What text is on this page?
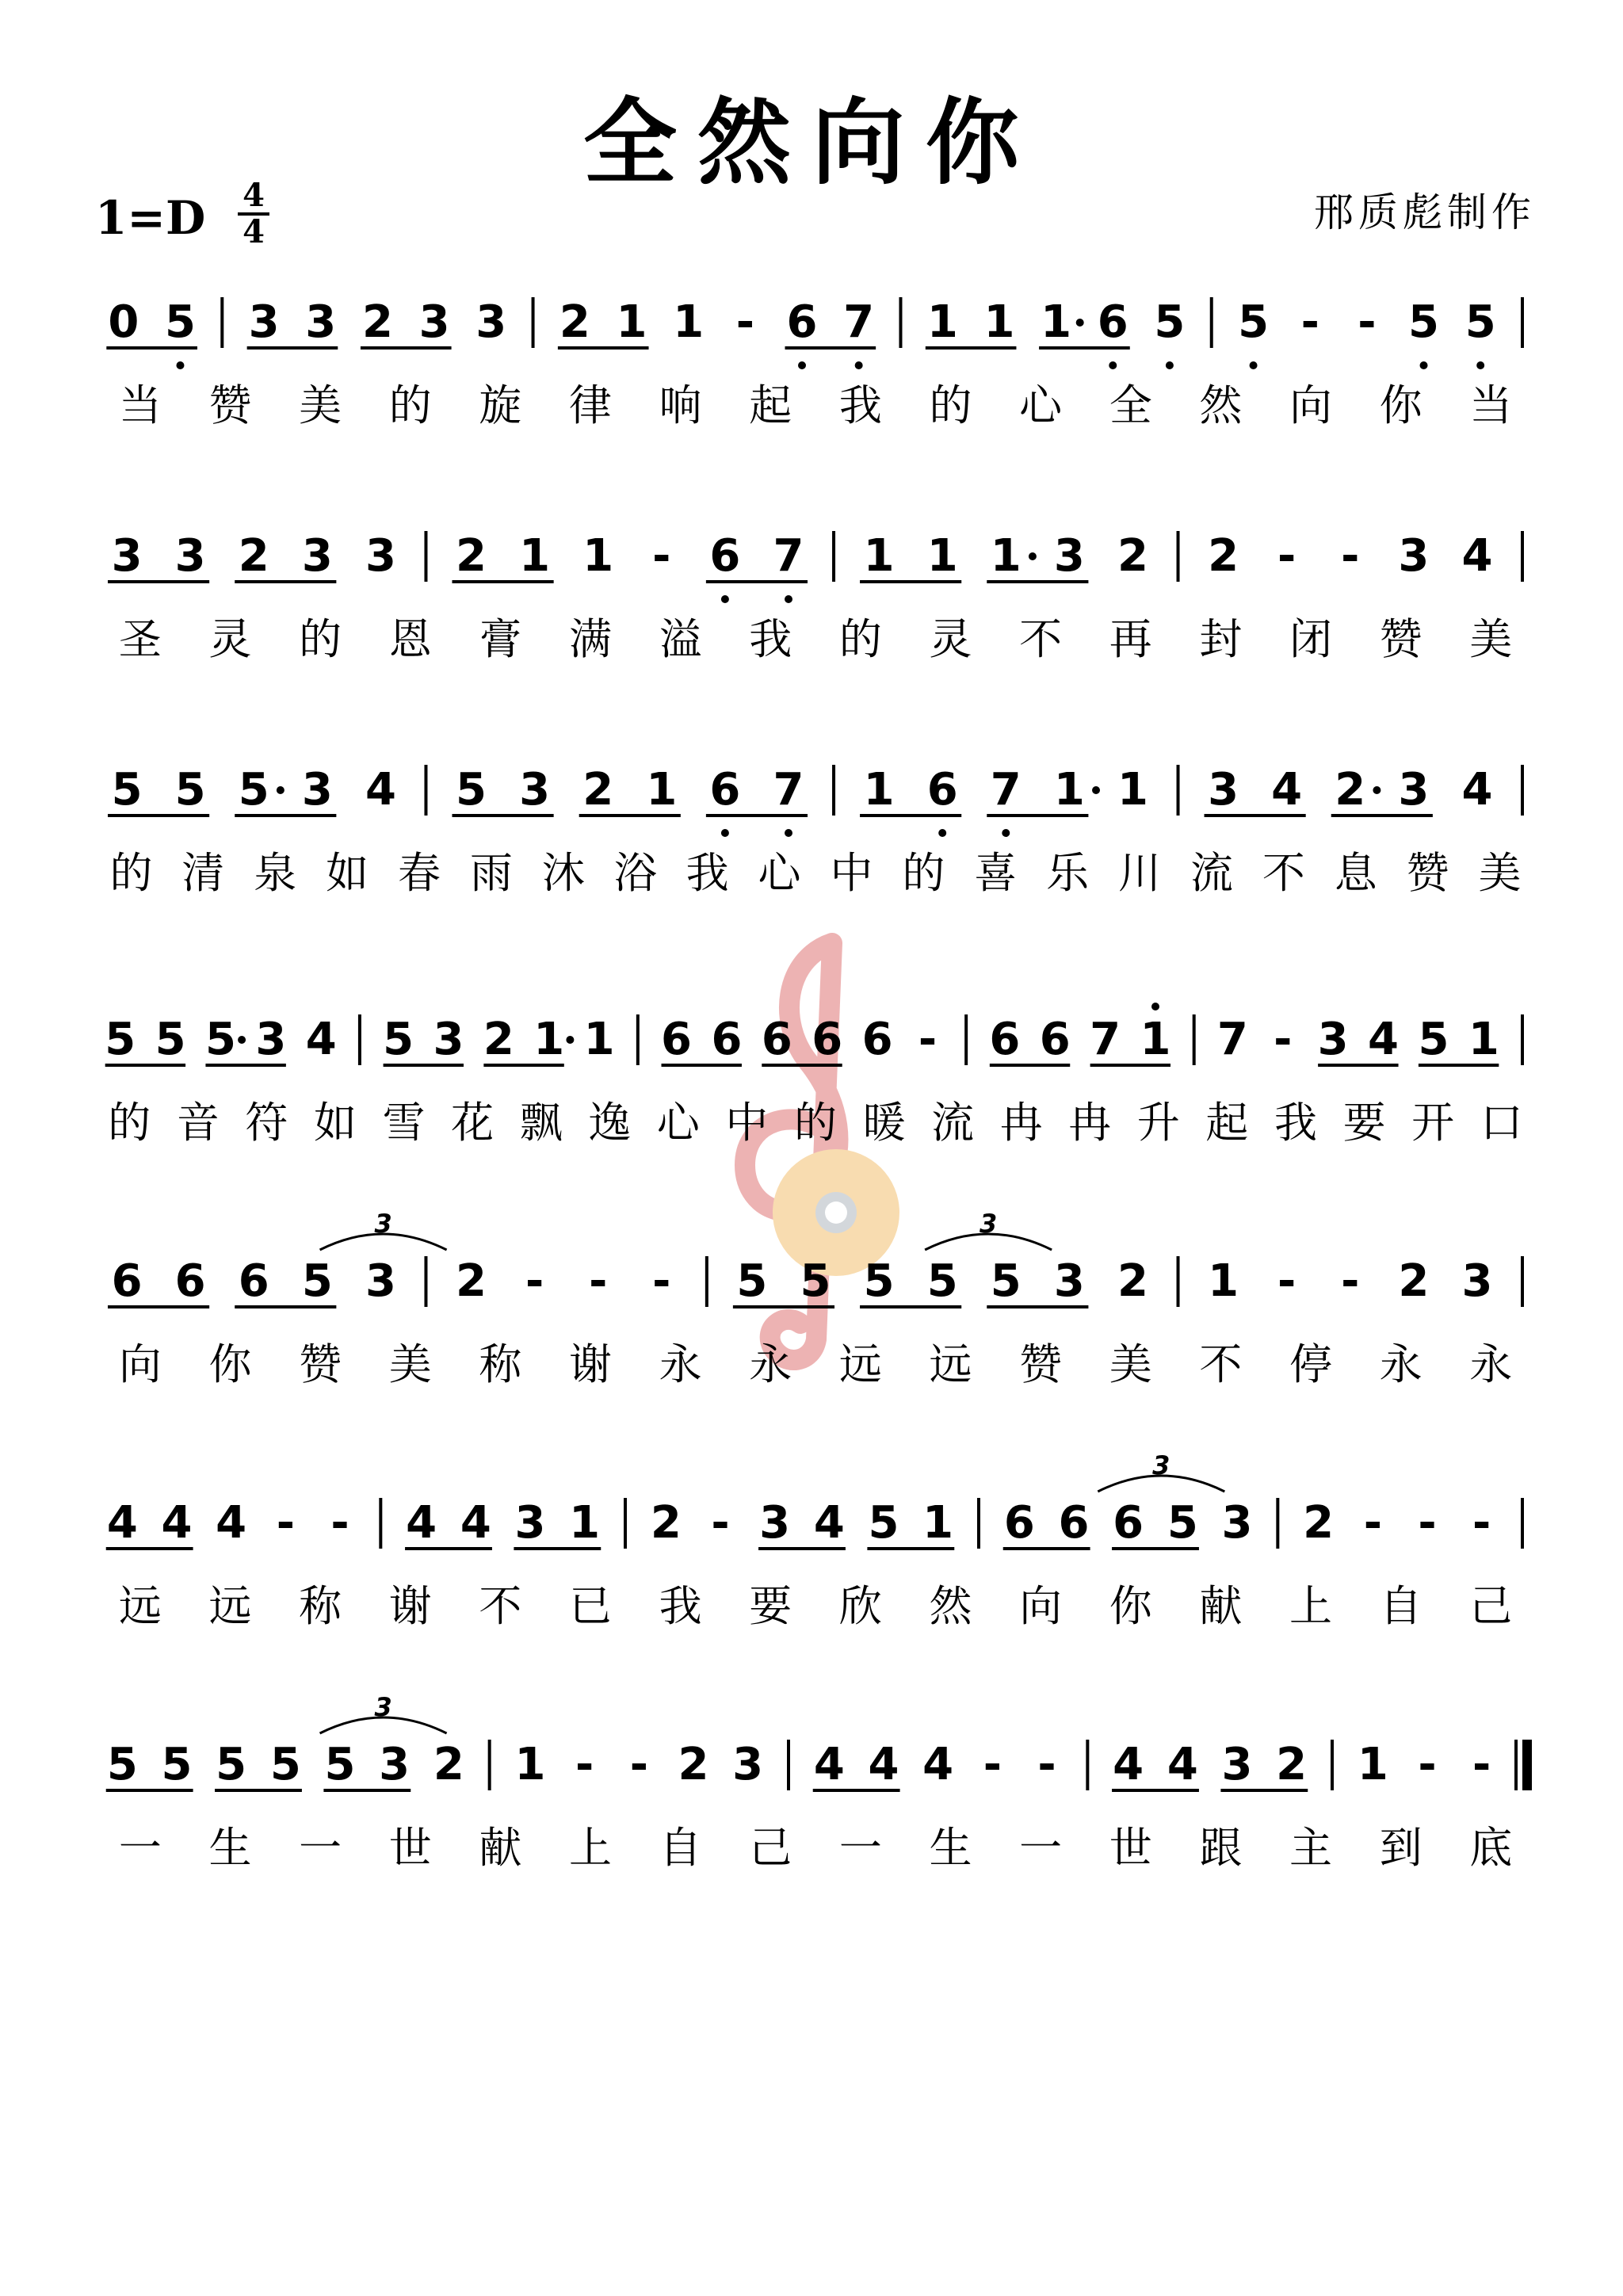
全然向你
$1=D \frac{4}{4}$	邢质彪制作
0 5 3 3 2 3 3 2 1 1 - 6 7 1 1 1 6 5 5 - - 5 5
当 赞 美 的 旋 律 响 起 我 的 心 全 然 向 你 当
3 3 2 3 3 2 1 1 - 6 7 1 1 1 3 2 2 - - 3 4
圣 灵 的 恩 膏 满 溢 我 的 灵 不 再 封 闭 赞 美
5 5 5 3 4 5 3 2 1 6 7 1 6 7 1 1 3 4 2 3 4
的 清 泉 如 春 雨 沐 浴 我 心 中 的 喜 乐 川 流 不 息 赞 美
5 5 5 3 4 5 3 2 1 1 6 6 6 6 6 - 6 6 7 1 7 - 3 4 5 1
的 音 符 如 雪 花 飘 逸 心 中 的 暖 流 冉 冉 升 起 我 要 开 口
6 6 6 5 3 2 - - - 5 5 5 5 5 3 2 1 - - 2 3
向 你 赞 美 称 谢 永 永 远 远 赞 美 不 停 永 永
4 4 4 - - 4 4 3 1 2 - 3 4 5 1 6 6 6 5 3 2 - - -
远 远 称 谢 不 已 我 要 欣 然 向 你 献 上 自 己
5 5 5 5 5 3 2 1 - - 2 3 4 4 4 - - 4 4 3 2 1 - -
一 生 一 世 献 上 自 己 一 生 一 世 跟 主 到 底
3	3
3
3
